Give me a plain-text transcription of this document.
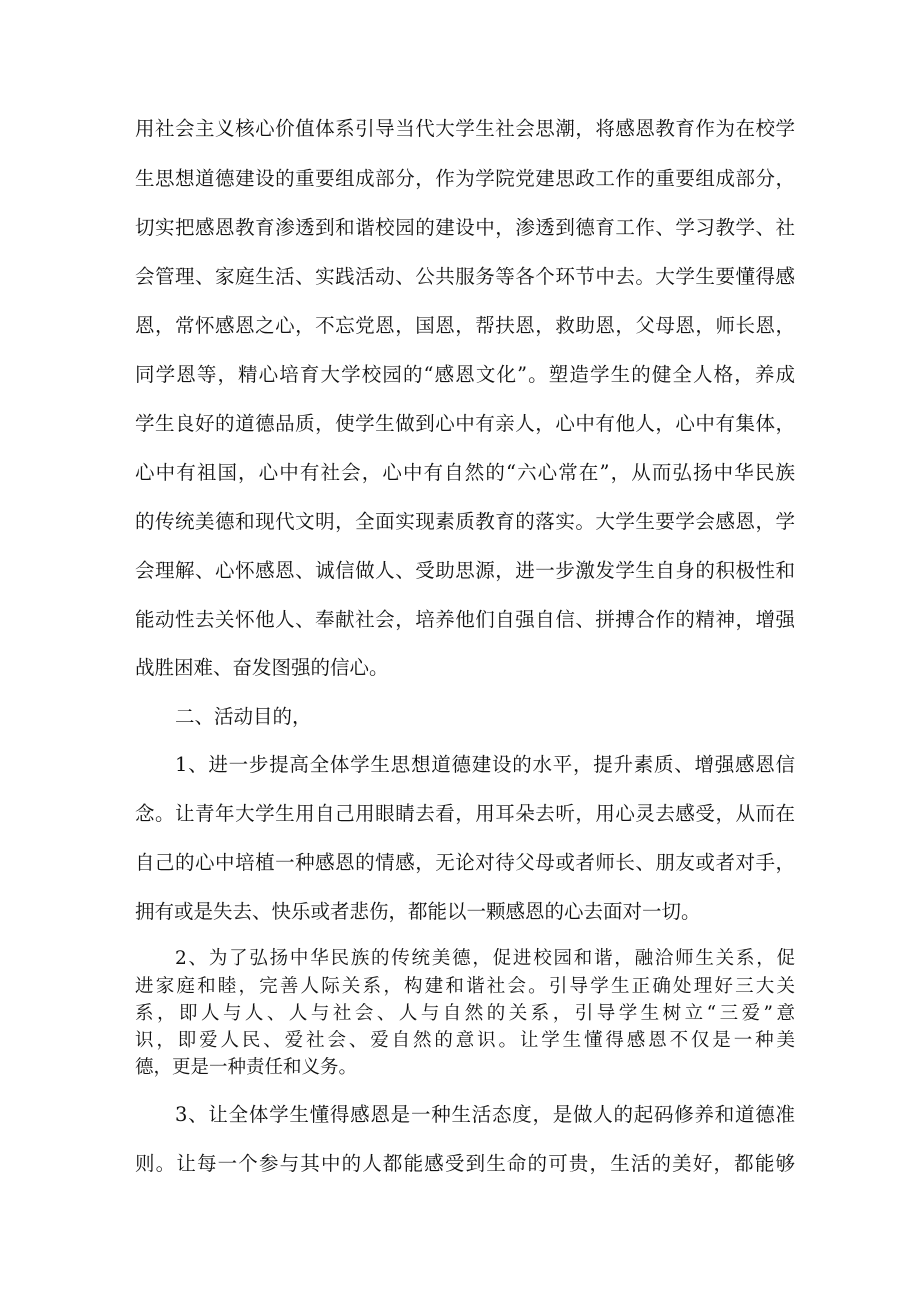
用社会主义核心价值体系引导当代大学生社会思潮，将感恩教育作为在校学
生思想道德建设的重要组成部分，作为学院党建思政工作的重要组成部分，
切实把感恩教育渗透到和谐校园的建设中，渗透到德育工作、学习教学、社
会管理、家庭生活、实践活动、公共服务等各个环节中去。大学生要懂得感
恩，常怀感恩之心，不忘党恩，国恩，帮扶恩，救助恩，父母恩，师长恩，
同学恩等，精心培育大学校园的“感恩文化”。塑造学生的健全人格，养成
学生良好的道德品质，使学生做到心中有亲人，心中有他人，心中有集体，
心中有祖国，心中有社会，心中有自然的“六心常在”，从而弘扬中华民族
的传统美德和现代文明，全面实现素质教育的落实。大学生要学会感恩，学
会理解、心怀感恩、诚信做人、受助思源，进一步激发学生自身的积极性和
能动性去关怀他人、奉献社会，培养他们自强自信、拼搏合作的精神，增强
战胜困难、奋发图强的信心。
二、活动目的，
1、进一步提高全体学生思想道德建设的水平，提升素质、增强感恩信
念。让青年大学生用自己用眼睛去看，用耳朵去听，用心灵去感受，从而在
自己的心中培植一种感恩的情感，无论对待父母或者师长、朋友或者对手，
拥有或是失去、快乐或者悲伤，都能以一颗感恩的心去面对一切。
2、为了弘扬中华民族的传统美德，促进校园和谐，融洽师生关系，促
进家庭和睦，完善人际关系，构建和谐社会。引导学生正确处理好三大关
系，即人与人、人与社会、人与自然的关系，引导学生树立“三爱”意
识，即爱人民、爱社会、爱自然的意识。让学生懂得感恩不仅是一种美
德，更是一种责任和义务。
3、让全体学生懂得感恩是一种生活态度，是做人的起码修养和道德准
则。让每一个参与其中的人都能感受到生命的可贵，生活的美好，都能够
